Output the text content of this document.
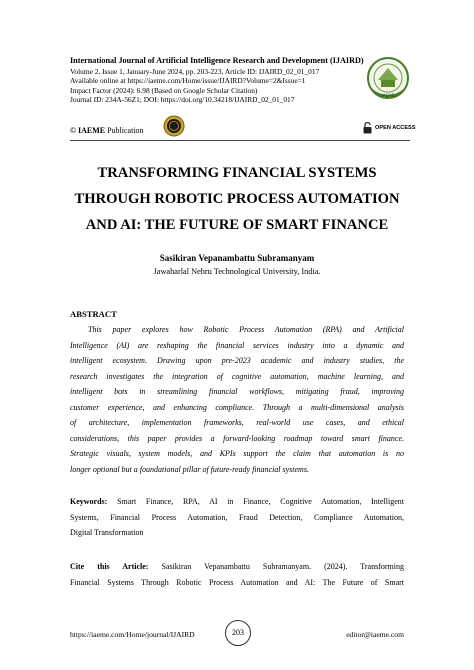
International Journal of Artificial Intelligence Research and Development (IJAIRD)
Volume 2, Issue 1, January-June 2024, pp. 203-223, Article ID: IJAIRD_02_01_017
Available online at https://iaeme.com/Home/issue/IJAIRD?Volume=2&Issue=1
Impact Factor (2024): 6.98 (Based on Google Scholar Citation)
Journal ID: 234A-56Z1; DOI: https://doi.org/10.34218/IJAIRD_02_01_017	IAEME
© IAEME Publication	OPEN ACCESS
TRANSFORMING FINANCIAL SYSTEMS
THROUGH ROBOTIC PROCESS AUTOMATION
AND AI: THE FUTURE OF SMART FINANCE
Sasikiran Vepanambattu Subramanyam
Jawaharlal Nehru Technological University, India.
ABSTRACT
This paper explores how Robotic Process Automation (RPA) and Artificial
Intelligence (AI) are reshaping the financial services industry into a dynamic and
intelligent ecosystem. Drawing upon pre-2023 academic and industry studies, the
research investigates the integration of cognitive automation, machine learning, and
intelligent bots in streamlining financial workflows, mitigating fraud, improving
customer experience, and enhancing compliance. Through a multi-dimensional analysis
of architecture, implementation frameworks, real-world use cases, and ethical
considerations, this paper provides a forward-looking roadmap toward smart finance.
Strategic visuals, system models, and KPIs support the claim that automation is no
longer optional but a foundational pillar of future-ready financial systems.
Keywords: Smart Finance, RPA, AI in Finance, Cognitive Automation, Intelligent
Systems, Financial Process Automation, Fraud Detection, Compliance Automation,
Digital Transformation
Cite this Article: Sasikiran Vepanambattu Subramanyam. (2024). Transforming
Financial Systems Through Robotic Process Automation and AI: The Future of Smart
https://iaeme.com/Home/journal/IJAIRD	203	editor@iaeme.com
